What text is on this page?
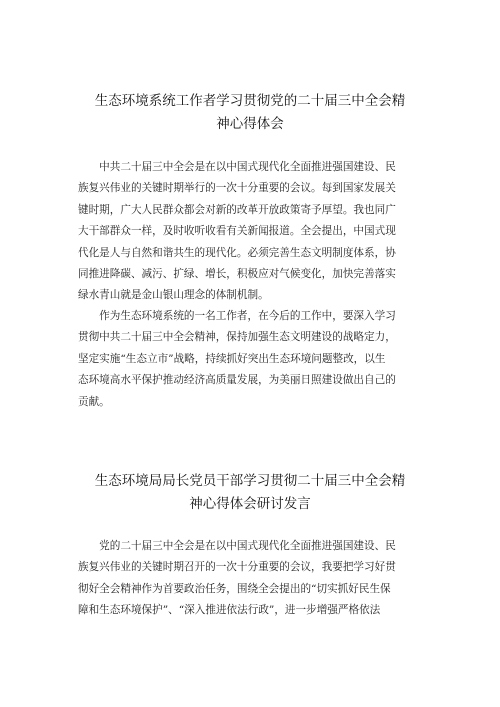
生态环境系统工作者学习贯彻党的二十届三中全会精
神心得体会
　　中共二十届三中全会是在以中国式现代化全面推进强国建设、民
族复兴伟业的关键时期举行的一次十分重要的会议。每到国家发展关
键时期，广大人民群众都会对新的改革开放政策寄予厚望。我也同广
大干部群众一样，及时收听收看有关新闻报道。全会提出，中国式现
代化是人与自然和谐共生的现代化。必须完善生态文明制度体系，协
同推进降碳、减污、扩绿、增长，积极应对气候变化，加快完善落实
绿水青山就是金山银山理念的体制机制。
　　作为生态环境系统的一名工作者，在今后的工作中，要深入学习
贯彻中共二十届三中全会精神，保持加强生态文明建设的战略定力，
坚定实施“生态立市”战略，持续抓好突出生态环境问题整改，以生
态环境高水平保护推动经济高质量发展，为美丽日照建设做出自己的
贡献。
生态环境局局长党员干部学习贯彻二十届三中全会精
神心得体会研讨发言
　　党的二十届三中全会是在以中国式现代化全面推进强国建设、民
族复兴伟业的关键时期召开的一次十分重要的会议，我要把学习好贯
彻好全会精神作为首要政治任务，围绕全会提出的“切实抓好民生保
障和生态环境保护”、“深入推进依法行政”，进一步增强严格依法
